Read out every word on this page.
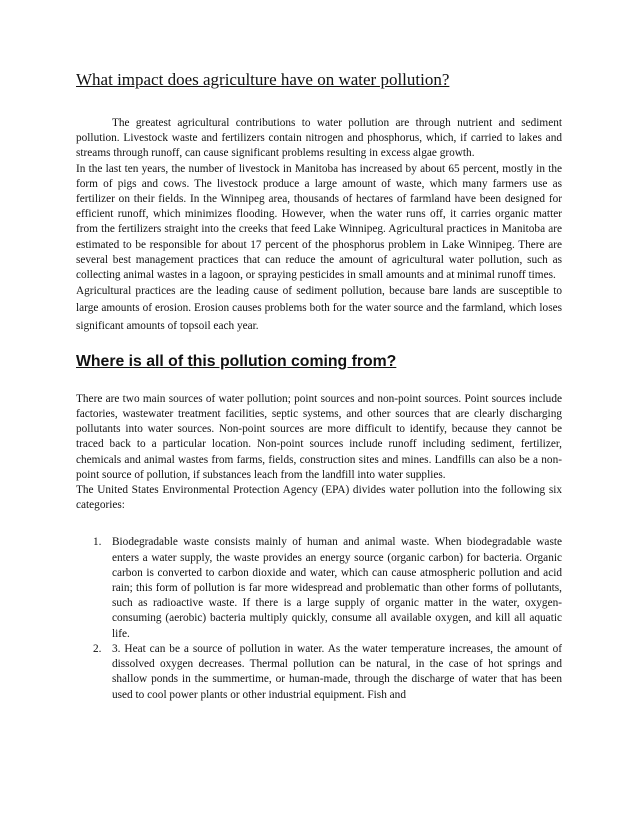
What impact does agriculture have on water pollution?

The greatest agricultural contributions to water pollution are through nutrient and sediment pollution. Livestock waste and fertilizers contain nitrogen and phosphorus, which, if carried to lakes and streams through runoff, can cause significant problems resulting in excess algae growth.

In the last ten years, the number of livestock in Manitoba has increased by about 65 percent, mostly in the form of pigs and cows. The livestock produce a large amount of waste, which many farmers use as fertilizer on their fields. In the Winnipeg area, thousands of hectares of farmland have been designed for efficient runoff, which minimizes flooding. However, when the water runs off, it carries organic matter from the fertilizers straight into the creeks that feed Lake Winnipeg. Agricultural practices in Manitoba are estimated to be responsible for about 17 percent of the phosphorus problem in Lake Winnipeg. There are several best management practices that can reduce the amount of agricultural water pollution, such as collecting animal wastes in a lagoon, or spraying pesticides in small amounts and at minimal runoff times.

Agricultural practices are the leading cause of sediment pollution, because bare lands are susceptible to large amounts of erosion. Erosion causes problems both for the water source and the farmland, which loses significant amounts of topsoil each year.

Where is all of this pollution coming from?

There are two main sources of water pollution; point sources and non-point sources. Point sources include factories, wastewater treatment facilities, septic systems, and other sources that are clearly discharging pollutants into water sources. Non-point sources are more difficult to identify, because they cannot be traced back to a particular location. Non-point sources include runoff including sediment, fertilizer, chemicals and animal wastes from farms, fields, construction sites and mines. Landfills can also be a non-point source of pollution, if substances leach from the landfill into water supplies.

The United States Environmental Protection Agency (EPA) divides water pollution into the following six categories:

1. Biodegradable waste consists mainly of human and animal waste. When biodegradable waste enters a water supply, the waste provides an energy source (organic carbon) for bacteria. Organic carbon is converted to carbon dioxide and water, which can cause atmospheric pollution and acid rain; this form of pollution is far more widespread and problematic than other forms of pollutants, such as radioactive waste. If there is a large supply of organic matter in the water, oxygen-consuming (aerobic) bacteria multiply quickly, consume all available oxygen, and kill all aquatic life.

2. 3. Heat can be a source of pollution in water. As the water temperature increases, the amount of dissolved oxygen decreases. Thermal pollution can be natural, in the case of hot springs and shallow ponds in the summertime, or human-made, through the discharge of water that has been used to cool power plants or other industrial equipment. Fish and
